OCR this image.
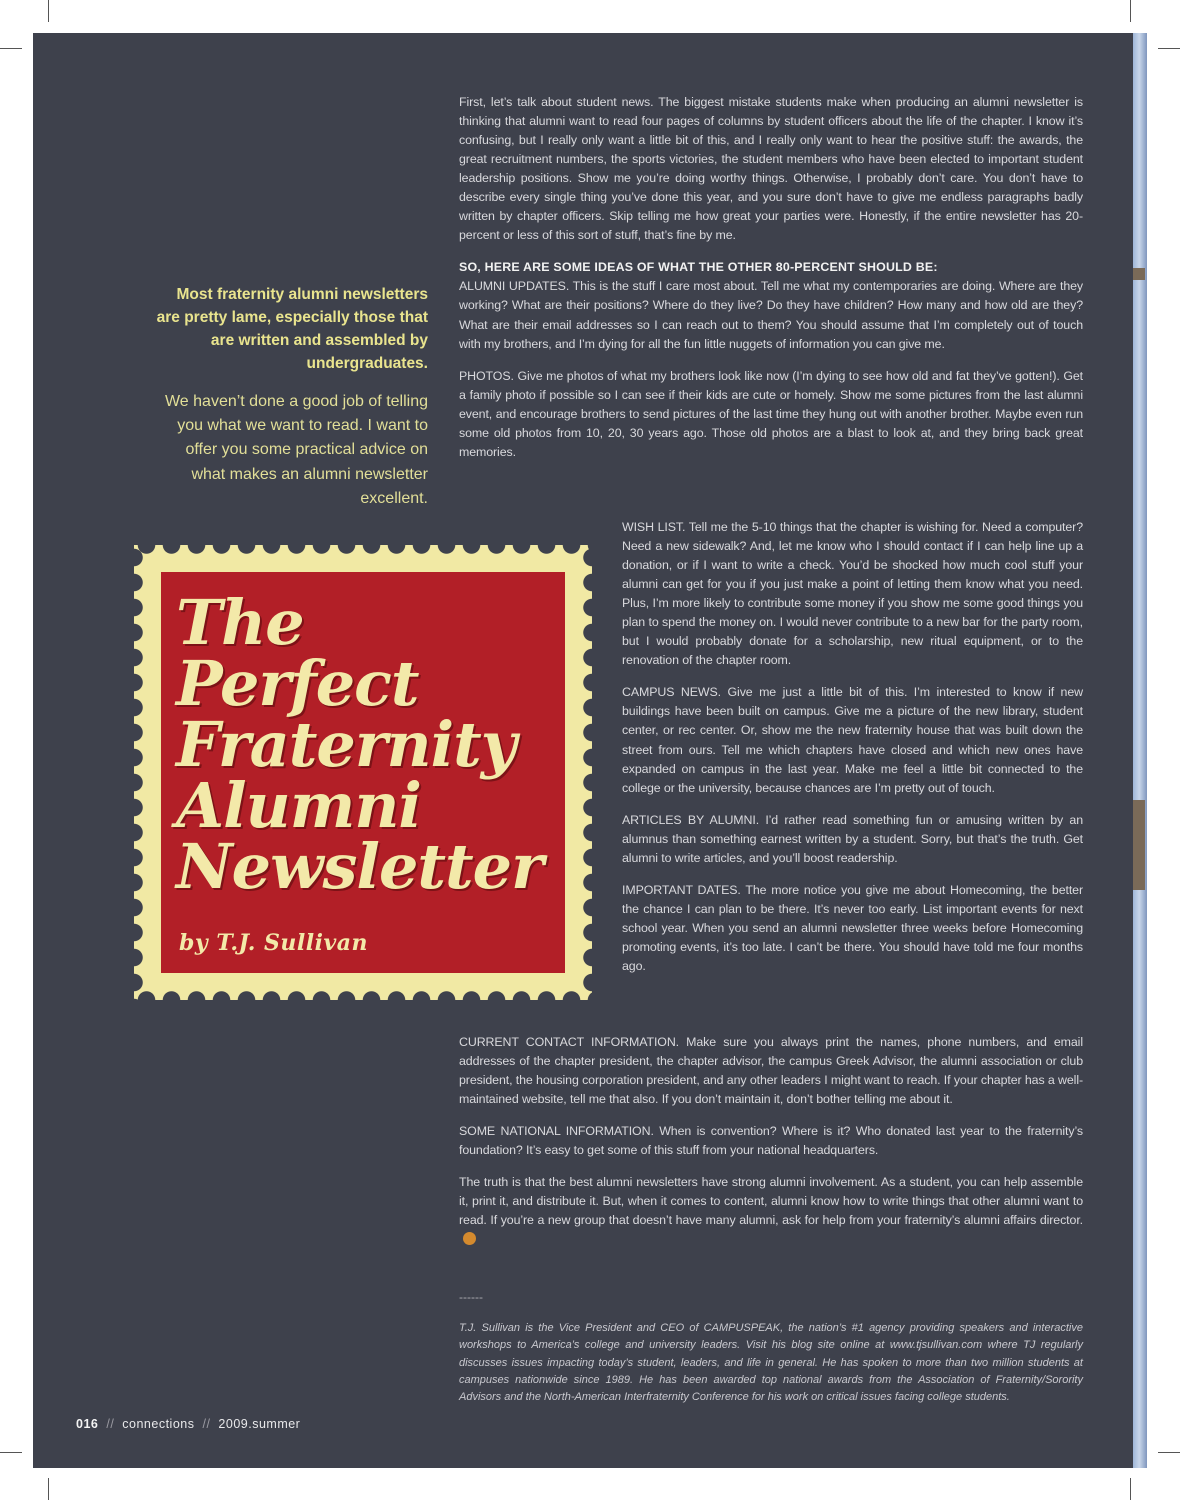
First, let’s talk about student news. The biggest mistake students make when producing an alumni newsletter is thinking that alumni want to read four pages of columns by student officers about the life of the chapter. I know it’s confusing, but I really only want a little bit of this, and I really only want to hear the positive stuff: the awards, the great recruitment numbers, the sports victories, the student members who have been elected to important student leadership positions. Show me you’re doing worthy things. Otherwise, I probably don’t care. You don’t have to describe every single thing you’ve done this year, and you sure don’t have to give me endless paragraphs badly written by chapter officers. Skip telling me how great your parties were. Honestly, if the entire newsletter has 20-percent or less of this sort of stuff, that’s fine by me.

SO, HERE ARE SOME IDEAS OF WHAT THE OTHER 80-PERCENT SHOULD BE:

ALUMNI UPDATES. This is the stuff I care most about. Tell me what my contemporaries are doing. Where are they working? What are their positions? Where do they live? Do they have children? How many and how old are they? What are their email addresses so I can reach out to them? You should assume that I’m completely out of touch with my brothers, and I’m dying for all the fun little nuggets of information you can give me.

PHOTOS. Give me photos of what my brothers look like now (I’m dying to see how old and fat they’ve gotten!). Get a family photo if possible so I can see if their kids are cute or homely. Show me some pictures from the last alumni event, and encourage brothers to send pictures of the last time they hung out with another brother. Maybe even run some old photos from 10, 20, 30 years ago. Those old photos are a blast to look at, and they bring back great memories.

WISH LIST. Tell me the 5-10 things that the chapter is wishing for. Need a computer? Need a new sidewalk? And, let me know who I should contact if I can help line up a donation, or if I want to write a check. You’d be shocked how much cool stuff your alumni can get for you if you just make a point of letting them know what you need. Plus, I’m more likely to contribute some money if you show me some good things you plan to spend the money on. I would never contribute to a new bar for the party room, but I would probably donate for a scholarship, new ritual equipment, or to the renovation of the chapter room.

CAMPUS NEWS. Give me just a little bit of this. I’m interested to know if new buildings have been built on campus. Give me a picture of the new library, student center, or rec center. Or, show me the new fraternity house that was built down the street from ours. Tell me which chapters have closed and which new ones have expanded on campus in the last year. Make me feel a little bit connected to the college or the university, because chances are I’m pretty out of touch.

ARTICLES BY ALUMNI. I’d rather read something fun or amusing written by an alumnus than something earnest written by a student. Sorry, but that’s the truth. Get alumni to write articles, and you’ll boost readership.

IMPORTANT DATES. The more notice you give me about Homecoming, the better the chance I can plan to be there. It’s never too early. List important events for next school year. When you send an alumni newsletter three weeks before Homecoming promoting events, it’s too late. I can’t be there. You should have told me four months ago.

CURRENT CONTACT INFORMATION. Make sure you always print the names, phone numbers, and email addresses of the chapter president, the chapter advisor, the campus Greek Advisor, the alumni association or club president, the housing corporation president, and any other leaders I might want to reach. If your chapter has a well-maintained website, tell me that also. If you don’t maintain it, don’t bother telling me about it.

SOME NATIONAL INFORMATION. When is convention? Where is it? Who donated last year to the fraternity’s foundation? It’s easy to get some of this stuff from your national headquarters.

The truth is that the best alumni newsletters have strong alumni involvement. As a student, you can help assemble it, print it, and distribute it. But, when it comes to content, alumni know how to write things that other alumni want to read. If you’re a new group that doesn’t have many alumni, ask for help from your fraternity’s alumni affairs director.

------
T.J. Sullivan is the Vice President and CEO of CAMPUSPEAK, the nation’s #1 agency providing speakers and interactive workshops to America’s college and university leaders. Visit his blog site online at www.tjsullivan.com where TJ regularly discusses issues impacting today’s student, leaders, and life in general. He has spoken to more than two million students at campuses nationwide since 1989. He has been awarded top national awards from the Association of Fraternity/Sorority Advisors and the North-American Interfraternity Conference for his work on critical issues facing college students.
Most fraternity alumni newsletters are pretty lame, especially those that are written and assembled by undergraduates.
We haven’t done a good job of telling you what we want to read. I want to offer you some practical advice on what makes an alumni newsletter excellent.
The
Perfect
Fraternity
Alumni
Newsletter
by T.J. Sullivan
016 // connections // 2009.summer
